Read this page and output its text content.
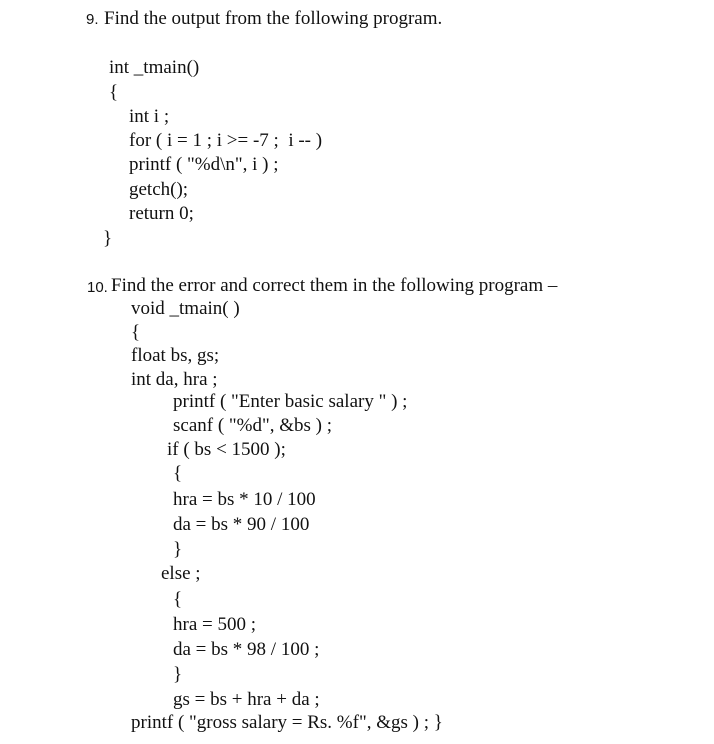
9. Find the output from the following program.
int _tmain()
{
int i ;
for ( i = 1 ; i >= -7 ;  i -- )
printf ( "%d\n", i ) ;
getch();
return 0;
}
10. Find the error and correct them in the following program –
void _tmain( )
{
float bs, gs;
int da, hra ;
printf ( "Enter basic salary " ) ;
scanf ( "%d", &bs ) ;
if ( bs < 1500 );
{
hra = bs * 10 / 100
da = bs * 90 / 100
}
else ;
{
hra = 500 ;
da = bs * 98 / 100 ;
}
gs = bs + hra + da ;
printf ( "gross salary = Rs. %f", &gs ) ; }
